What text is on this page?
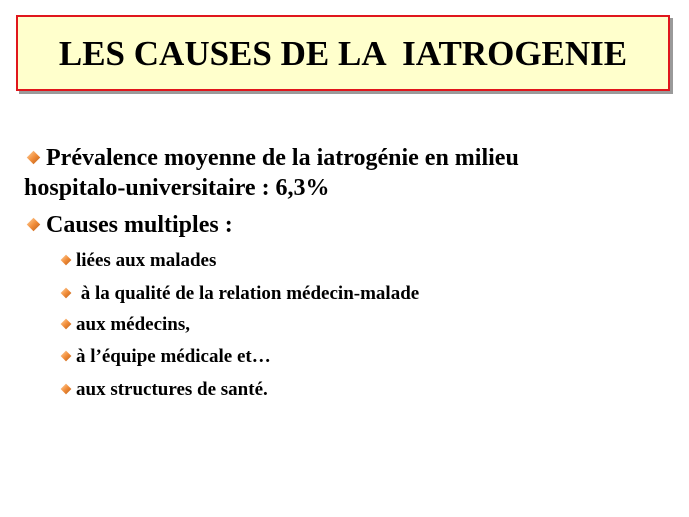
LES CAUSES DE LA  IATROGENIE
Prévalence moyenne de la iatrogénie en milieu
hospitalo-universitaire : 6,3%
Causes multiples :
liées aux malades
à la qualité de la relation médecin-malade
aux médecins,
à l’équipe médicale et…
aux structures de santé.
